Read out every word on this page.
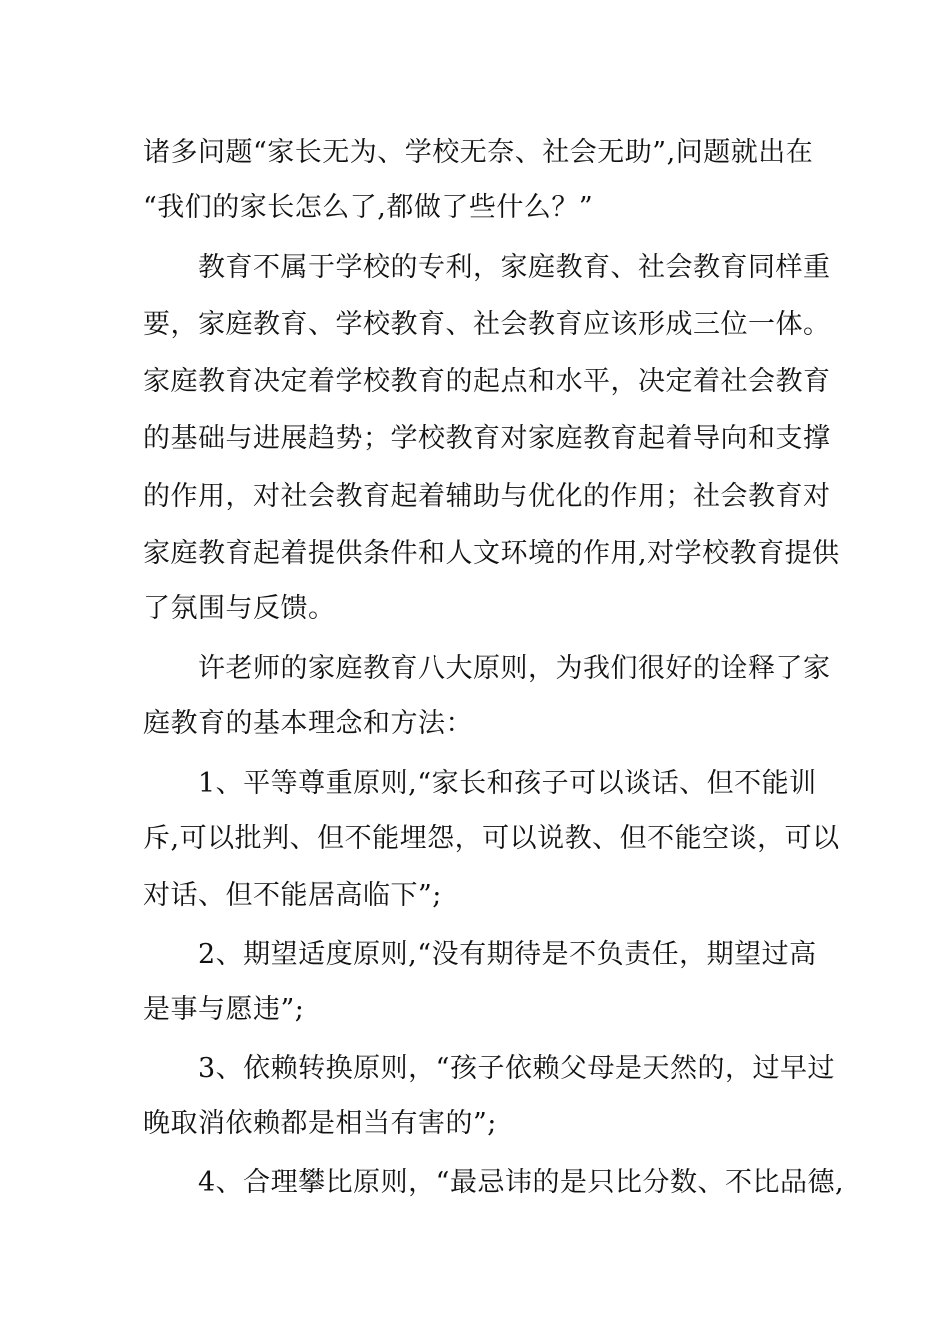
诸多问题“家长无为、学校无奈、社会无助”,问题就出在
“我们的家长怎么了,都做了些什么？”
教育不属于学校的专利，家庭教育、社会教育同样重
要，家庭教育、学校教育、社会教育应该形成三位一体。
家庭教育决定着学校教育的起点和水平，决定着社会教育
的基础与进展趋势；学校教育对家庭教育起着导向和支撑
的作用，对社会教育起着辅助与优化的作用；社会教育对
家庭教育起着提供条件和人文环境的作用,对学校教育提供
了氛围与反馈。
许老师的家庭教育八大原则，为我们很好的诠释了家
庭教育的基本理念和方法：
1、平等尊重原则,“家长和孩子可以谈话、但不能训
斥,可以批判、但不能埋怨，可以说教、但不能空谈，可以
对话、但不能居高临下”;
2、期望适度原则,“没有期待是不负责任，期望过高
是事与愿违”;
3、依赖转换原则，“孩子依赖父母是天然的，过早过
晚取消依赖都是相当有害的”;
4、合理攀比原则，“最忌讳的是只比分数、不比品德,
